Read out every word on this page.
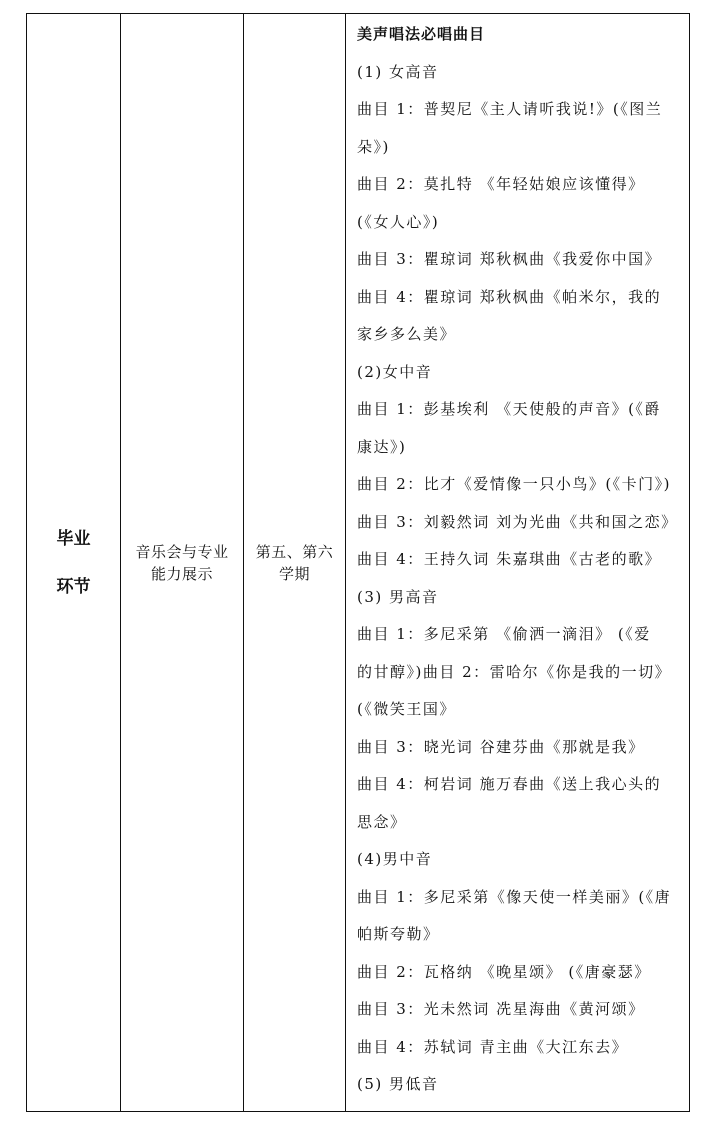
毕业
环节
音乐会与专业
能力展示
第五、第六
学期
美声唱法必唱曲目
(1) 女高音
曲目 1：普契尼《主人请听我说!》(《图兰
朵》)
曲目 2：莫扎特 《年轻姑娘应该懂得》
(《女人心》)
曲目 3：瞿琼词 郑秋枫曲《我爱你中国》
曲目 4：瞿琼词 郑秋枫曲《帕米尔，我的
家乡多么美》
(2)女中音
曲目 1：彭基埃利 《天使般的声音》(《爵
康达》)
曲目 2：比才《爱情像一只小鸟》(《卡门》)
曲目 3：刘毅然词 刘为光曲《共和国之恋》
曲目 4：王持久词 朱嘉琪曲《古老的歌》
(3) 男高音
曲目 1：多尼采第 《偷洒一滴泪》 (《爱
的甘醇》)曲目 2：雷哈尔《你是我的一切》
(《微笑王国》
曲目 3：晓光词 谷建芬曲《那就是我》
曲目 4：柯岩词 施万春曲《送上我心头的
思念》
(4)男中音
曲目 1：多尼采第《像天使一样美丽》(《唐
帕斯夸勒》
曲目 2：瓦格纳 《晚星颂》 (《唐豪瑟》
曲目 3：光未然词 冼星海曲《黄河颂》
曲目 4：苏轼词 青主曲《大江东去》
(5) 男低音
